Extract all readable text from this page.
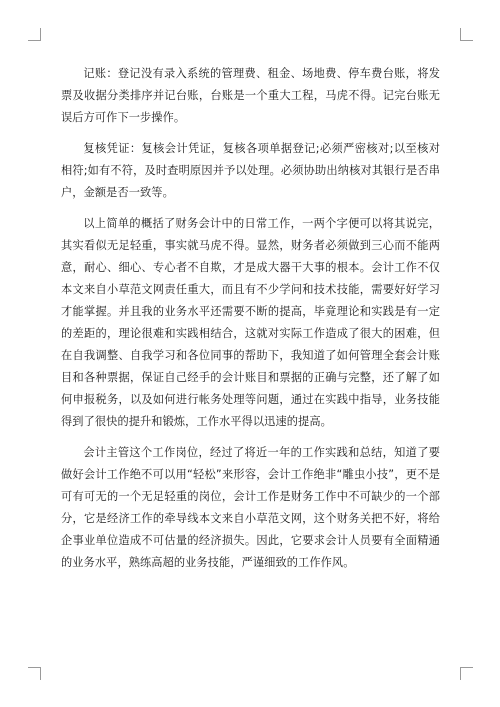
记账：登记没有录入系统的管理费、租金、场地费、停车费台账，将发票及收据分类排序并记台账，台账是一个重大工程，马虎不得。记完台账无误后方可作下一步操作。

复核凭证：复核会计凭证，复核各项单据登记;必须严密核对;以至核对相符;如有不符，及时查明原因并予以处理。必须协助出纳核对其银行是否串户，金额是否一致等。

以上简单的概括了财务会计中的日常工作，一两个字便可以将其说完，其实看似无足轻重，事实就马虎不得。显然，财务者必须做到三心而不能两意，耐心、细心、专心者不自欺，才是成大器干大事的根本。会计工作不仅本文来自小草范文网责任重大，而且有不少学问和技术技能，需要好好学习才能掌握。并且我的业务水平还需要不断的提高，毕竟理论和实践是有一定的差距的，理论很难和实践相结合，这就对实际工作造成了很大的困难，但在自我调整、自我学习和各位同事的帮助下，我知道了如何管理全套会计账目和各种票据，保证自己经手的会计账目和票据的正确与完整，还了解了如何申报税务，以及如何进行帐务处理等问题，通过在实践中指导，业务技能得到了很快的提升和锻炼，工作水平得以迅速的提高。

会计主管这个工作岗位，经过了将近一年的工作实践和总结，知道了要做好会计工作绝不可以用“轻松”来形容，会计工作绝非“雕虫小技”，更不是可有可无的一个无足轻重的岗位，会计工作是财务工作中不可缺少的一个部分，它是经济工作的牵导线本文来自小草范文网，这个财务关把不好，将给企事业单位造成不可估量的经济损失。因此，它要求会计人员要有全面精通的业务水平，熟练高超的业务技能，严谨细致的工作作风。
